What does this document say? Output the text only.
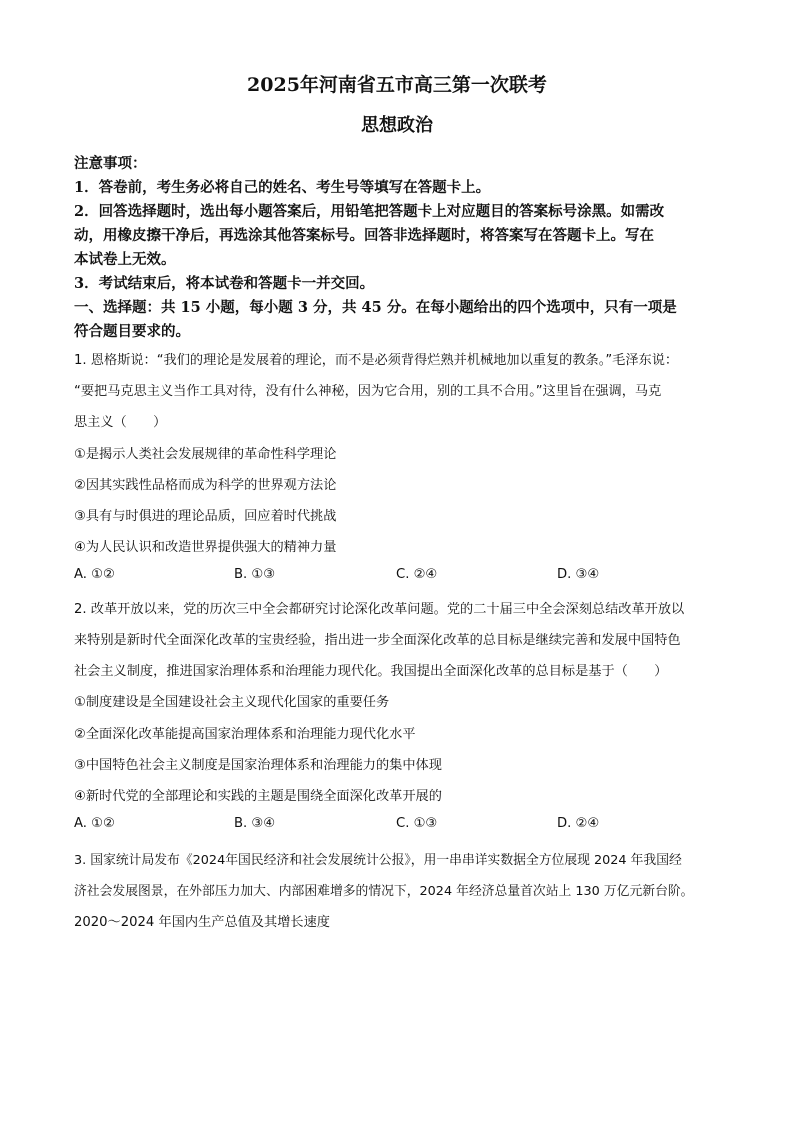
2025年河南省五市高三第一次联考
思想政治
注意事项：
1．答卷前，考生务必将自己的姓名、考生号等填写在答题卡上。
2．回答选择题时，选出每小题答案后，用铅笔把答题卡上对应题目的答案标号涂黑。如需改
动，用橡皮擦干净后，再选涂其他答案标号。回答非选择题时，将答案写在答题卡上。写在
本试卷上无效。
3．考试结束后，将本试卷和答题卡一并交回。
一、选择题：共 15 小题，每小题 3 分，共 45 分。在每小题给出的四个选项中，只有一项是
符合题目要求的。
1. 恩格斯说：“我们的理论是发展着的理论，而不是必须背得烂熟并机械地加以重复的教条。”毛泽东说：
“要把马克思主义当作工具对待，没有什么神秘，因为它合用，别的工具不合用。”这里旨在强调，马克
思主义（　　）
①是揭示人类社会发展规律的革命性科学理论
②因其实践性品格而成为科学的世界观方法论
③具有与时俱进的理论品质，回应着时代挑战
④为人民认识和改造世界提供强大的精神力量
A. ①②	B. ①③	C. ②④	D. ③④
2. 改革开放以来，党的历次三中全会都研究讨论深化改革问题。党的二十届三中全会深刻总结改革开放以
来特别是新时代全面深化改革的宝贵经验，指出进一步全面深化改革的总目标是继续完善和发展中国特色
社会主义制度，推进国家治理体系和治理能力现代化。我国提出全面深化改革的总目标是基于（　　）
①制度建设是全国建设社会主义现代化国家的重要任务
②全面深化改革能提高国家治理体系和治理能力现代化水平
③中国特色社会主义制度是国家治理体系和治理能力的集中体现
④新时代党的全部理论和实践的主题是围绕全面深化改革开展的
A. ①②	B. ③④	C. ①③	D. ②④
3. 国家统计局发布《2024年国民经济和社会发展统计公报》，用一串串详实数据全方位展现 2024 年我国经
济社会发展图景，在外部压力加大、内部困难增多的情况下，2024 年经济总量首次站上 130 万亿元新台阶。
2020～2024 年国内生产总值及其增长速度
